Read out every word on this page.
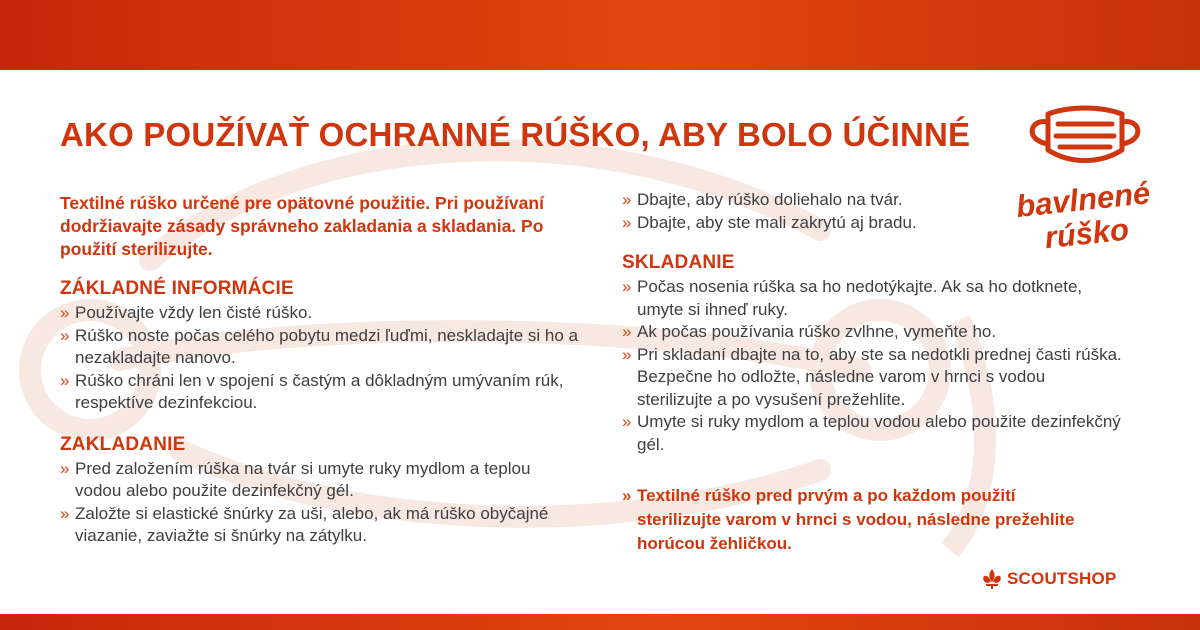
AKO POUŽÍVAŤ OCHRANNÉ RÚŠKO, ABY BOLO ÚČINNÉ
Textilné rúško určené pre opätovné použitie. Pri používaní dodržiavajte zásady správneho zakladania a skladania. Po použití sterilizujte.
ZÁKLADNÉ INFORMÁCIE
» Používajte vždy len čisté rúško.
» Rúško noste počas celého pobytu medzi ľuďmi, neskladajte si ho a nezakladajte nanovo.
» Rúško chráni len v spojení s častým a dôkladným umývaním rúk, respektíve dezinfekciou.
ZAKLADANIE
» Pred založením rúška na tvár si umyte ruky mydlom a teplou vodou alebo použite dezinfekčný gél.
» Založte si elastické šnúrky za uši, alebo, ak má rúško obyčajné viazanie, zaviažte si šnúrky na zátylku.
» Dbajte, aby rúško doliehalo na tvár.
» Dbajte, aby ste mali zakrytú aj bradu.
SKLADANIE
» Počas nosenia rúška sa ho nedotýkajte. Ak sa ho dotknete, umyte si ihneď ruky.
» Ak počas používania rúško zvlhne, vymeňte ho.
» Pri skladaní dbajte na to, aby ste sa nedotkli prednej časti rúška. Bezpečne ho odložte, následne varom v hrnci s vodou sterilizujte a po vysušení prežehlite.
» Umyte si ruky mydlom a teplou vodou alebo použite dezinfekčný gél.
» Textilné rúško pred prvým a po každom použití sterilizujte varom v hrnci s vodou, následne prežehlite horúcou žehličkou.
bavlnené
rúško
SCOUTSHOP
